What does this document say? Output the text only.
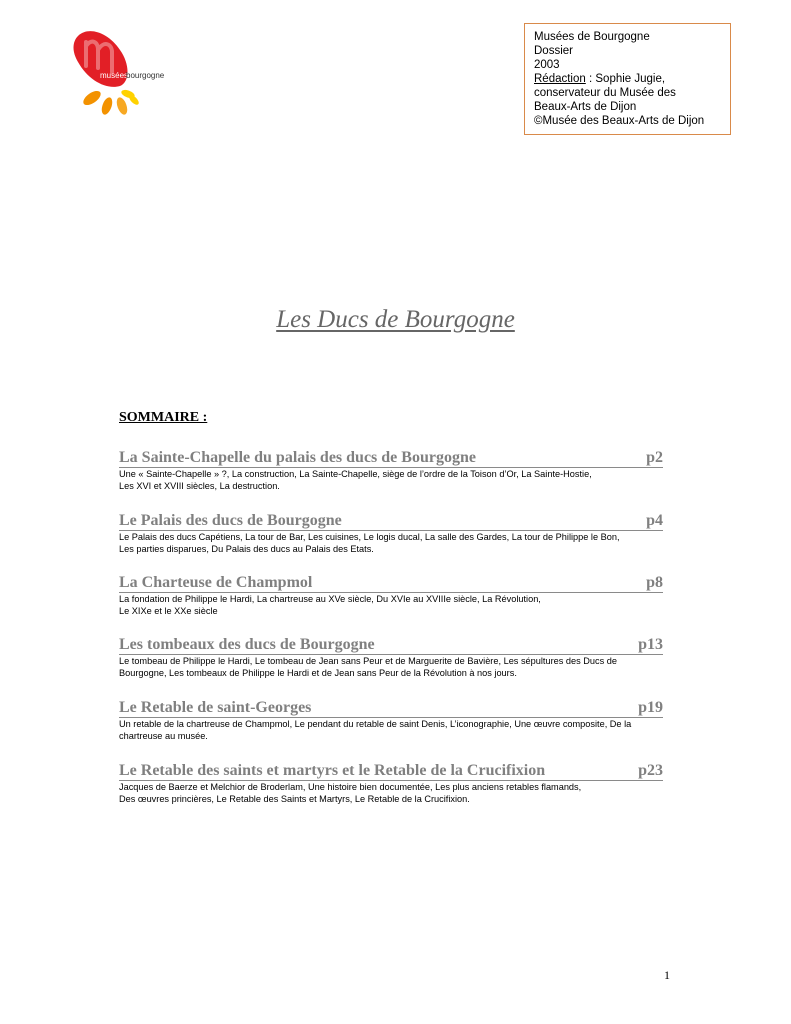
musées
bourgogne
Musées de Bourgogne
Dossier
2003
Rédaction : Sophie Jugie,
conservateur du Musée des
Beaux-Arts de Dijon
©Musée des Beaux-Arts de Dijon
Les Ducs de Bourgogne
SOMMAIRE :
La Sainte-Chapelle du palais des ducs de Bourgogne	p2
Une « Sainte-Chapelle » ?, La construction, La Sainte-Chapelle, siège de l’ordre de la Toison d’Or, La Sainte-Hostie,
Les XVI et XVIII siècles, La destruction.
Le Palais des ducs de Bourgogne	p4
Le Palais des ducs Capétiens, La tour de Bar, Les cuisines, Le logis ducal, La salle des Gardes, La tour de Philippe le Bon,
Les parties disparues, Du Palais des ducs au Palais des Etats.
La Charteuse de Champmol	p8
La fondation de Philippe le Hardi, La chartreuse au XVe siècle, Du XVIe au XVIIIe siècle, La Révolution,
Le XIXe et le XXe siècle
Les tombeaux des ducs de Bourgogne	p13
Le tombeau de Philippe le Hardi, Le tombeau de Jean sans Peur et de Marguerite de Bavière, Les sépultures des Ducs de
Bourgogne, Les tombeaux de Philippe le Hardi et de Jean sans Peur de la Révolution à nos jours.
Le Retable de saint-Georges	p19
Un retable de la chartreuse de Champmol, Le pendant du retable de saint Denis, L’iconographie, Une œuvre composite, De la
chartreuse au musée.
Le Retable des saints et martyrs et le Retable de la Crucifixion	p23
Jacques de Baerze et Melchior de Broderlam, Une histoire bien documentée, Les plus anciens retables flamands,
Des œuvres princières, Le Retable des Saints et Martyrs, Le Retable de la Crucifixion.
1
